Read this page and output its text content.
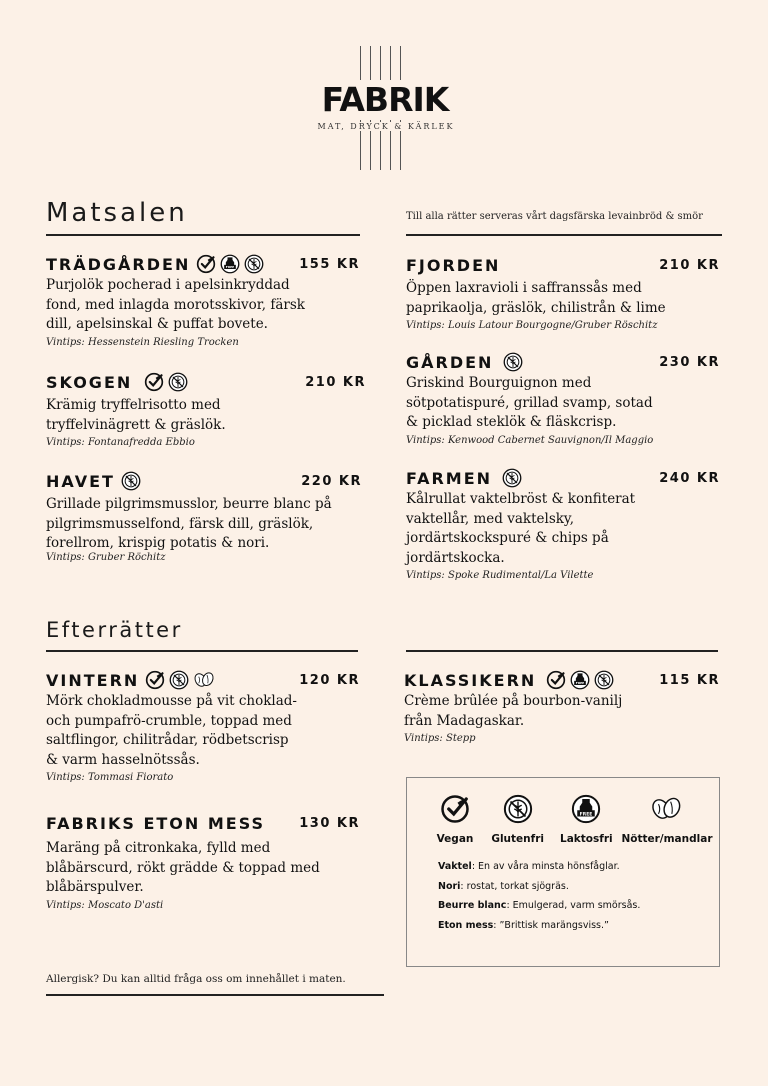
FABRIK
MAT, DRYCK & KÄRLEK
Matsalen	Till alla rätter serveras vårt dagsfärska levainbröd & smör
TRÄDGÅRDEN	155 KR
Purjolök pocherad i apelsinkryddad fond, med inlagda morotsskivor, färsk dill, apelsinskal & puffat bovete.
Vintips: Hessenstein Riesling Trocken
SKOGEN	210 KR
Krämig tryffelrisotto med tryffelvinägrett & gräslök.
Vintips: Fontanafredda Ebbio
HAVET	220 KR
Grillade pilgrimsmusslor, beurre blanc på pilgrimsmusselfond, färsk dill, gräslök, forellrom, krispig potatis & nori.
Vintips: Gruber Röchitz
FJORDEN	210 KR
Öppen laxravioli i saffranssås med paprikaolja, gräslök, chilistrån & lime
Vintips: Louis Latour Bourgogne/Gruber Röschitz
GÅRDEN	230 KR
Griskind Bourguignon med sötpotatispuré, grillad svamp, sotad & picklad steklök & fläskcrisp.
Vintips: Kenwood Cabernet Sauvignon/Il Maggio
FARMEN	240 KR
Kålrullat vaktelbröst & konfiterat vaktellår, med vaktelsky, jordärtskockspuré & chips på jordärtskocka.
Vintips: Spoke Rudimental/La Vilette
Efterrätter
VINTERN	120 KR
Mörk chokladmousse på vit choklad- och pumpafrö-crumble, toppad med saltflingor, chilitrådar, rödbetscrisp & varm hasselnötssås.
Vintips: Tommasi Fiorato
FABRIKS ETON MESS	130 KR
Maräng på citronkaka, fylld med blåbärscurd, rökt grädde & toppad med blåbärspulver.
Vintips: Moscato D'asti
KLASSIKERN	115 KR
Crème brûlée på bourbon-vanilj från Madagaskar.
Vintips: Stepp
Vegan Glutenfri Laktosfri Nötter/mandlar
Vaktel: En av våra minsta hönsfåglar.
Nori: rostat, torkat sjögräs.
Beurre blanc: Emulgerad, varm smörsås.
Eton mess: ”Brittisk marängsviss.”
Allergisk? Du kan alltid fråga oss om innehållet i maten.
